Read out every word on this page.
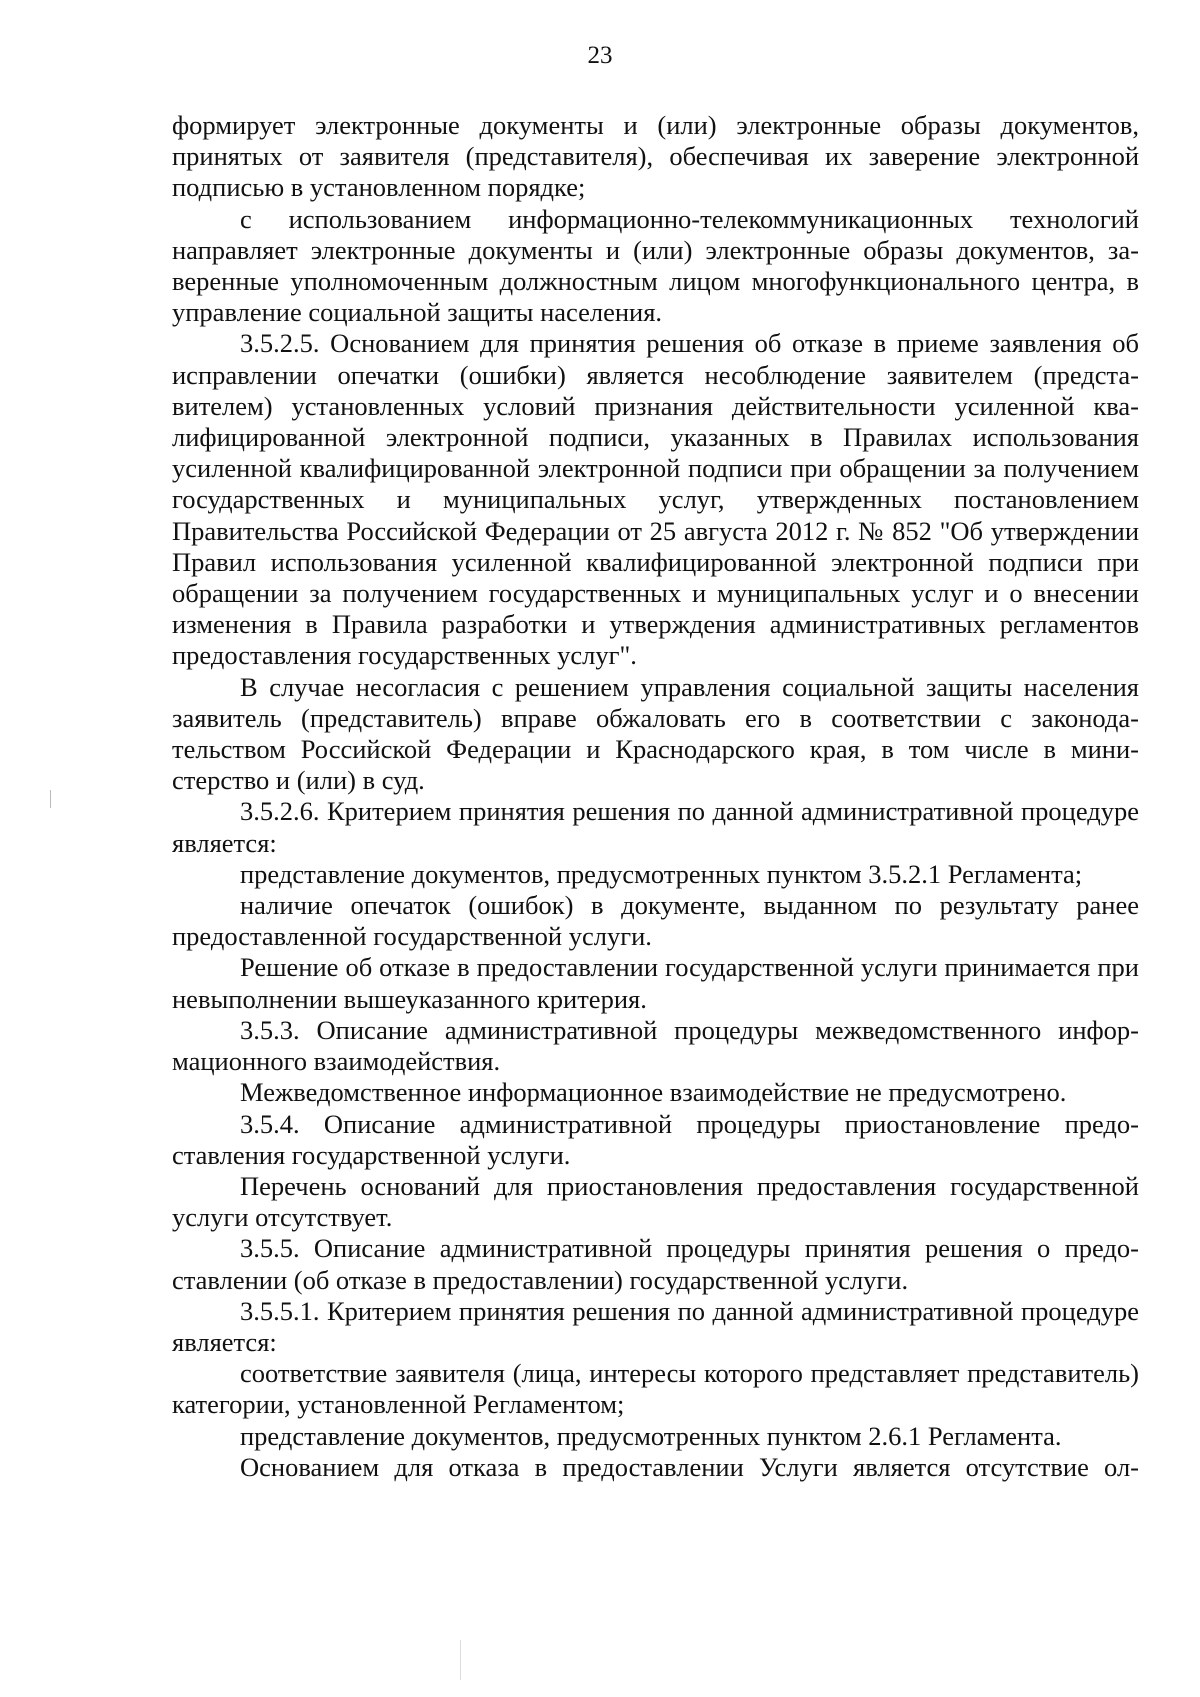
23

формирует электронные документы и (или) электронные образы документов, принятых от заявителя (представителя), обеспечивая их заверение электронной подписью в установленном порядке;

с использованием информационно-телекоммуникационных технологий направляет электронные документы и (или) электронные образы документов, заверенные уполномоченным должностным лицом многофункционального центра, в управление социальной защиты населения.

3.5.2.5. Основанием для принятия решения об отказе в приеме заявления об исправлении опечатки (ошибки) является несоблюдение заявителем (представителем) установленных условий признания действительности усиленной квалифицированной электронной подписи, указанных в Правилах использования усиленной квалифицированной электронной подписи при обращении за получением государственных и муниципальных услуг, утвержденных постановлением Правительства Российской Федерации от 25 августа 2012 г. № 852 "Об утверждении Правил использования усиленной квалифицированной электронной подписи при обращении за получением государственных и муниципальных услуг и о внесении изменения в Правила разработки и утверждения административных регламентов предоставления государственных услуг".

В случае несогласия с решением управления социальной защиты населения заявитель (представитель) вправе обжаловать его в соответствии с законодательством Российской Федерации и Краснодарского края, в том числе в министерство и (или) в суд.

3.5.2.6. Критерием принятия решения по данной административной процедуре является:

представление документов, предусмотренных пунктом 3.5.2.1 Регламента;

наличие опечаток (ошибок) в документе, выданном по результату ранее предоставленной государственной услуги.

Решение об отказе в предоставлении государственной услуги принимается при невыполнении вышеуказанного критерия.

3.5.3. Описание административной процедуры межведомственного информационного взаимодействия.

Межведомственное информационное взаимодействие не предусмотрено.

3.5.4. Описание административной процедуры приостановление предоставления государственной услуги.

Перечень оснований для приостановления предоставления государственной услуги отсутствует.

3.5.5. Описание административной процедуры принятия решения о предоставлении (об отказе в предоставлении) государственной услуги.

3.5.5.1. Критерием принятия решения по данной административной процедуре является:

соответствие заявителя (лица, интересы которого представляет представитель) категории, установленной Регламентом;

представление документов, предусмотренных пунктом 2.6.1 Регламента.

Основанием для отказа в предоставлении Услуги является отсутствие ол-
